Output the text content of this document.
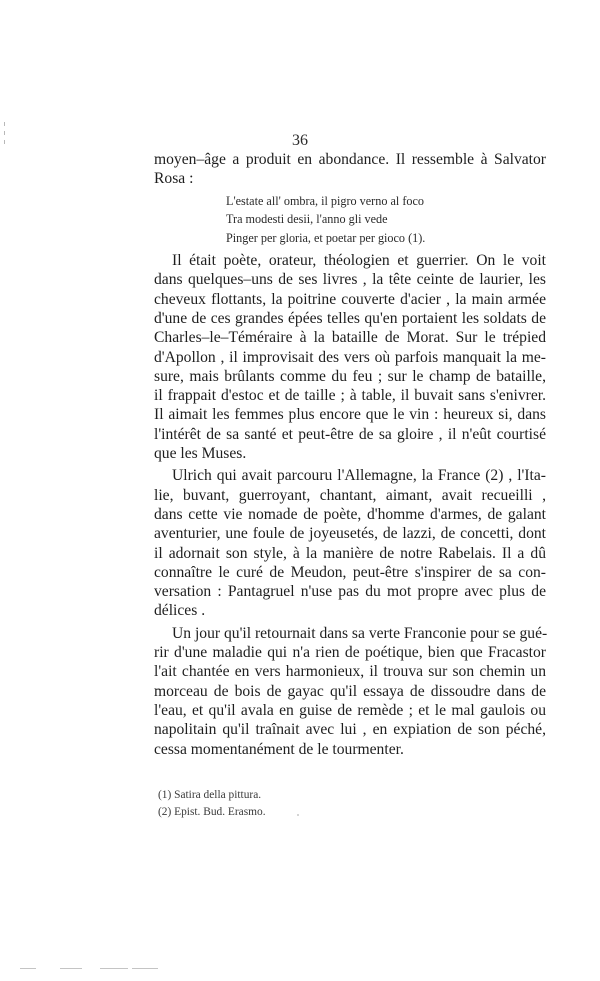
36
moyen–âge a produit en abondance. Il ressemble à Salvator
Rosa :
L'estate all' ombra, il pigro verno al foco
Tra modesti desii, l'anno gli vede
Pinger per gloria, et poetar per gioco (1).
Il était poète, orateur, théologien et guerrier. On le voit
dans quelques–uns de ses livres , la tête ceinte de laurier, les
cheveux flottants, la poitrine couverte d'acier , la main armée
d'une de ces grandes épées telles qu'en portaient les soldats de
Charles–le–Téméraire à la bataille de Morat. Sur le trépied
d'Apollon , il improvisait des vers où parfois manquait la me-
sure, mais brûlants comme du feu ; sur le champ de bataille,
il frappait d'estoc et de taille ; à table, il buvait sans s'enivrer.
Il aimait les femmes plus encore que le vin : heureux si, dans
l'intérêt de sa santé et peut-être de sa gloire , il n'eût courtisé
que les Muses.
Ulrich qui avait parcouru l'Allemagne, la France (2) , l'Ita-
lie, buvant, guerroyant, chantant, aimant, avait recueilli ,
dans cette vie nomade de poète, d'homme d'armes, de galant
aventurier, une foule de joyeusetés, de lazzi, de concetti, dont
il adornait son style, à la manière de notre Rabelais. Il a dû
connaître le curé de Meudon, peut-être s'inspirer de sa con-
versation : Pantagruel n'use pas du mot propre avec plus de
délices .
Un jour qu'il retournait dans sa verte Franconie pour se gué-
rir d'une maladie qui n'a rien de poétique, bien que Fracastor
l'ait chantée en vers harmonieux, il trouva sur son chemin un
morceau de bois de gayac qu'il essaya de dissoudre dans de
l'eau, et qu'il avala en guise de remède ; et le mal gaulois ou
napolitain qu'il traînait avec lui , en expiation de son péché,
cessa momentanément de le tourmenter.
(1) Satira della pittura.
(2) Epist. Bud. Erasmo.
